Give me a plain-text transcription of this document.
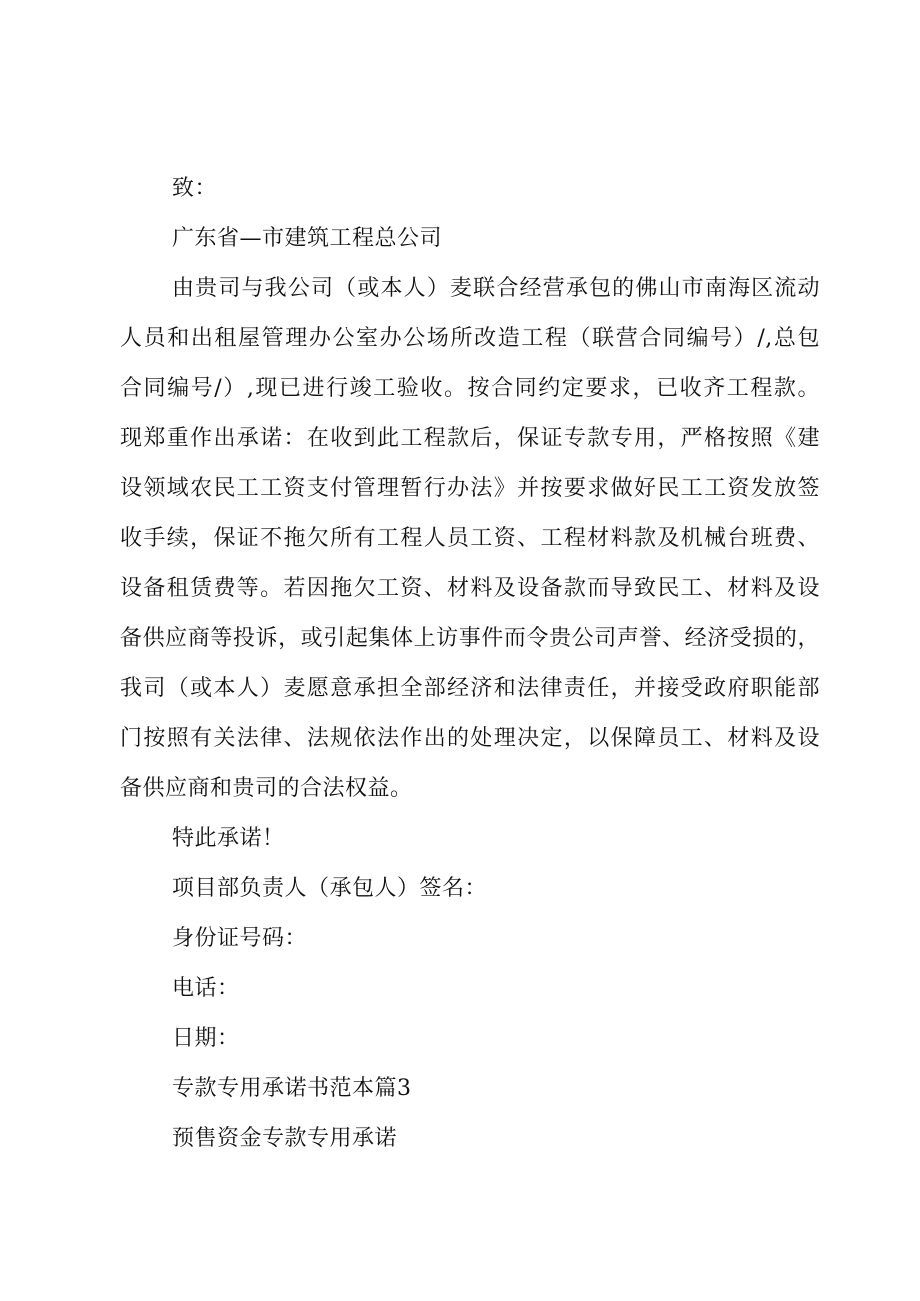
致：
广东省—市建筑工程总公司
由贵司与我公司（或本人）麦联合经营承包的佛山市南海区流动
人员和出租屋管理办公室办公场所改造工程（联营合同编号）/,总包
合同编号/）,现已进行竣工验收。按合同约定要求，已收齐工程款。
现郑重作出承诺：在收到此工程款后，保证专款专用，严格按照《建
设领域农民工工资支付管理暂行办法》并按要求做好民工工资发放签
收手续，保证不拖欠所有工程人员工资、工程材料款及机械台班费、
设备租赁费等。若因拖欠工资、材料及设备款而导致民工、材料及设
备供应商等投诉，或引起集体上访事件而令贵公司声誉、经济受损的，
我司（或本人）麦愿意承担全部经济和法律责任，并接受政府职能部
门按照有关法律、法规依法作出的处理决定，以保障员工、材料及设
备供应商和贵司的合法权益。
特此承诺！
项目部负责人（承包人）签名：
身份证号码：
电话：
日期：
专款专用承诺书范本篇3
预售资金专款专用承诺
